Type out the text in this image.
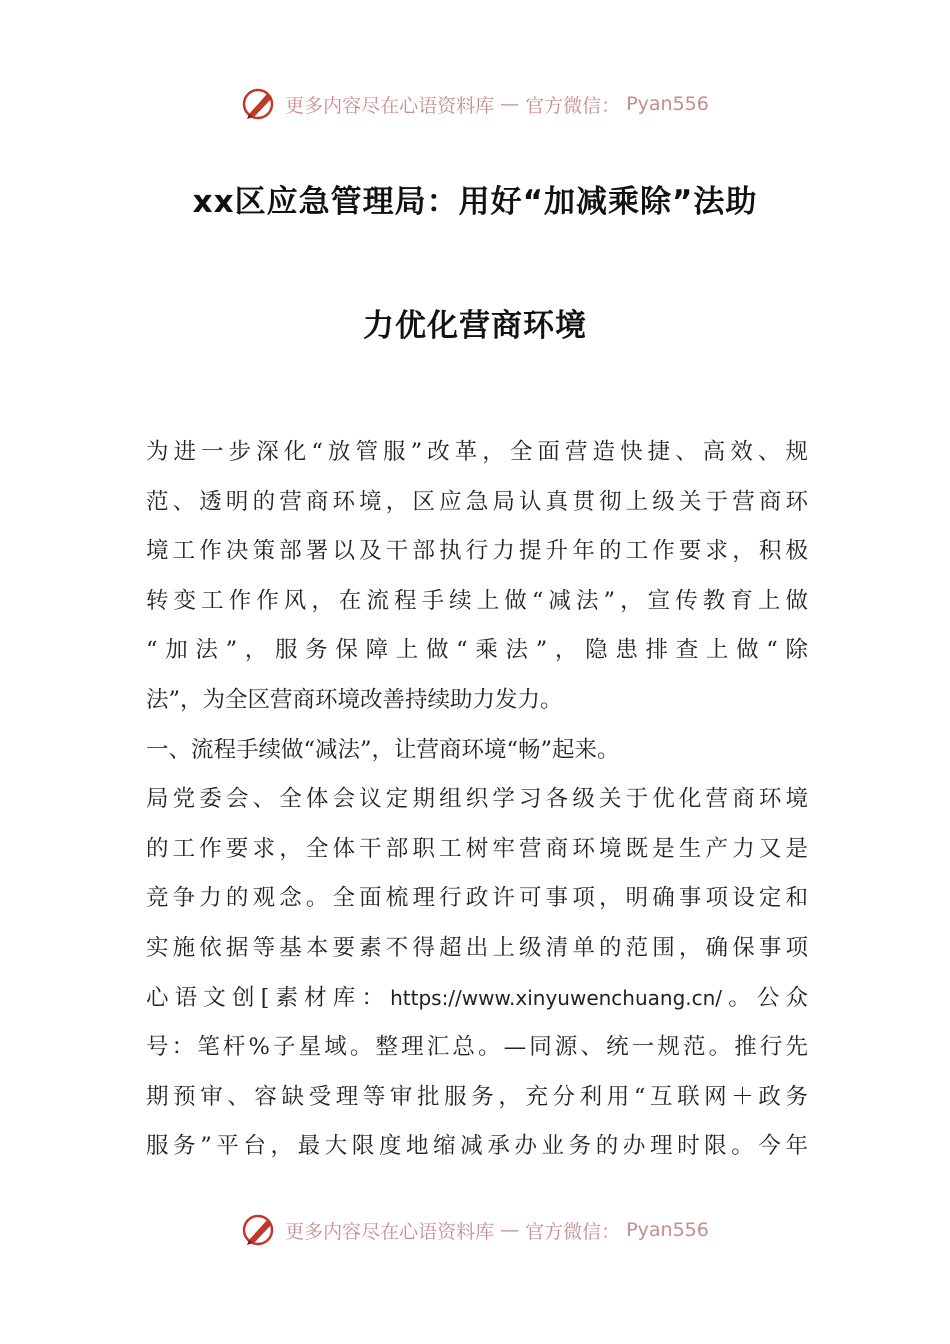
更多内容尽在心语资料库 — 官方微信： Pyan556
xx区应急管理局：用好“加减乘除”法助
力优化营商环境
为进一步深化“放管服”改革，全面营造快捷、高效、规
范、透明的营商环境，区应急局认真贯彻上级关于营商环
境工作决策部署以及干部执行力提升年的工作要求，积极
转变工作作风，在流程手续上做“减法”，宣传教育上做
“加法”，服务保障上做“乘法”，隐患排查上做“除
法”，为全区营商环境改善持续助力发力。
一、流程手续做“减法”，让营商环境“畅”起来。
局党委会、全体会议定期组织学习各级关于优化营商环境
的工作要求，全体干部职工树牢营商环境既是生产力又是
竞争力的观念。全面梳理行政许可事项，明确事项设定和
实施依据等基本要素不得超出上级清单的范围，确保事项
心语文创[素材库：https://www.xinyuwenchuang.cn/。公众
号：笔杆%子星域。整理汇总。—同源、统一规范。推行先
期预审、容缺受理等审批服务，充分利用“互联网＋政务
服务”平台，最大限度地缩减承办业务的办理时限。今年
更多内容尽在心语资料库 — 官方微信： Pyan556
